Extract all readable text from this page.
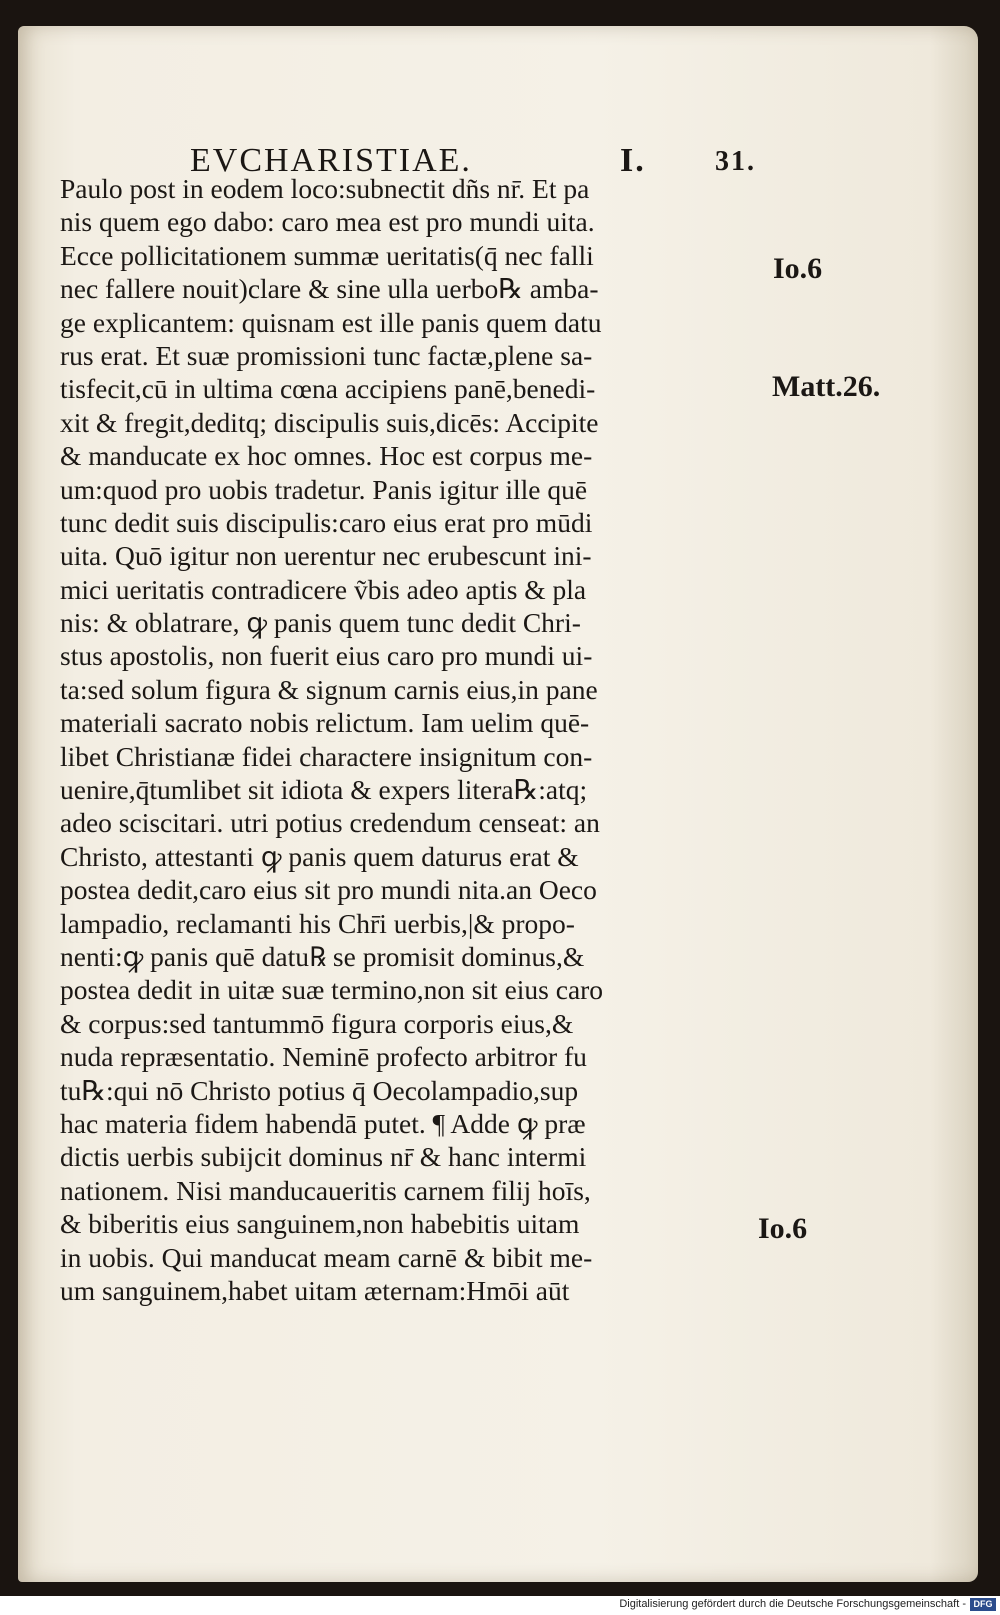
EVCHARISTIAE.	I. 31.
Paulo post in eodem loco:subnectit dñs nr̄. Et pa
nis quem ego dabo: caro mea est pro mundi uita.
Ecce pollicitationem summæ ueritatis(q̄ nec falli
nec fallere nouit)clare & sine ulla uerbo℞ amba-
ge explicantem: quisnam est ille panis quem datu
rus erat. Et suæ promissioni tunc factæ,plene sa-
tisfecit,cū in ultima cœna accipiens panē,benedi-
xit & fregit,deditq; discipulis suis,dicēs: Accipite
& manducate ex hoc omnes. Hoc est corpus me-
um:quod pro uobis tradetur. Panis igitur ille quē
tunc dedit suis discipulis:caro eius erat pro mūdi
uita. Quō igitur non uerentur nec erubescunt ini-
mici ueritatis contradicere ṽbis adeo aptis & pla
nis: & oblatrare, ꝙ panis quem tunc dedit Chri-
stus apostolis, non fuerit eius caro pro mundi ui-
ta:sed solum figura & signum carnis eius,in pane
materiali sacrato nobis relictum. Iam uelim quē-
libet Christianæ fidei charactere insignitum con-
uenire,q̄tumlibet sit idiota & expers litera℞:atq;
adeo sciscitari. utri potius credendum censeat: an
Christo, attestanti ꝙ panis quem daturus erat &
postea dedit,caro eius sit pro mundi nita.an Oeco
lampadio, reclamanti his Chr̄i uerbis,|& propo-
nenti:ꝙ panis quē datu℞ se promisit dominus,&
postea dedit in uitæ suæ termino,non sit eius caro
& corpus:sed tantummō figura corporis eius,&
nuda repræsentatio. Neminē profecto arbitror fu
tu℞:qui nō Christo potius q̄ Oecolampadio,sup
hac materia fidem habendā putet. ¶ Adde ꝙ præ
dictis uerbis subijcit dominus nr̄ & hanc intermi
nationem. Nisi manducaueritis carnem filij hoīs,
& biberitis eius sanguinem,non habebitis uitam
in uobis. Qui manducat meam carnē & bibit me-
um sanguinem,habet uitam æternam:Hmōi aūt
Io.6
Matt.26.
Io.6
Digitalisierung gefördert durch die Deutsche Forschungsgemeinschaft - DFG
